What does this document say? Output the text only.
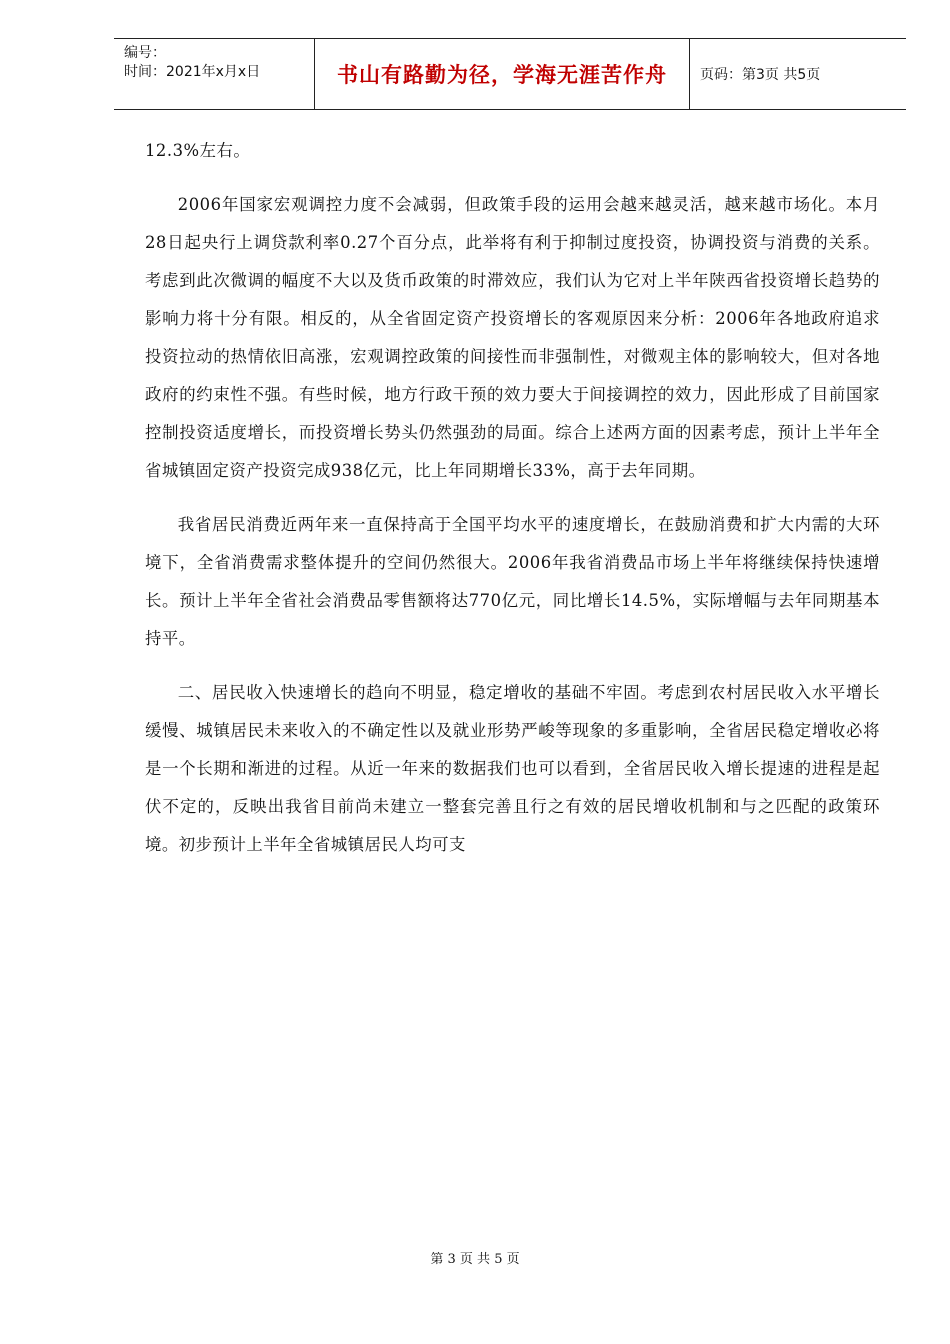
编号：
时间：2021年x月x日	书山有路勤为径，学海无涯苦作舟 页码：第3页 共5页

12.3%左右。

2006年国家宏观调控力度不会减弱，但政策手段的运用会越来越灵活，越来越市场化。本月28日起央行上调贷款利率0.27个百分点，此举将有利于抑制过度投资，协调投资与消费的关系。考虑到此次微调的幅度不大以及货币政策的时滞效应，我们认为它对上半年陕西省投资增长趋势的影响力将十分有限。相反的，从全省固定资产投资增长的客观原因来分析：2006年各地政府追求投资拉动的热情依旧高涨，宏观调控政策的间接性而非强制性，对微观主体的影响较大，但对各地政府的约束性不强。有些时候，地方行政干预的效力要大于间接调控的效力，因此形成了目前国家控制投资适度增长，而投资增长势头仍然强劲的局面。综合上述两方面的因素考虑，预计上半年全省城镇固定资产投资完成938亿元，比上年同期增长33%，高于去年同期。

我省居民消费近两年来一直保持高于全国平均水平的速度增长，在鼓励消费和扩大内需的大环境下，全省消费需求整体提升的空间仍然很大。2006年我省消费品市场上半年将继续保持快速增长。预计上半年全省社会消费品零售额将达770亿元，同比增长14.5%，实际增幅与去年同期基本持平。

二、居民收入快速增长的趋向不明显，稳定增收的基础不牢固。考虑到农村居民收入水平增长缓慢、城镇居民未来收入的不确定性以及就业形势严峻等现象的多重影响，全省居民稳定增收必将是一个长期和渐进的过程。从近一年来的数据我们也可以看到，全省居民收入增长提速的进程是起伏不定的，反映出我省目前尚未建立一整套完善且行之有效的居民增收机制和与之匹配的政策环境。初步预计上半年全省城镇居民人均可支

第 3 页 共 5 页
